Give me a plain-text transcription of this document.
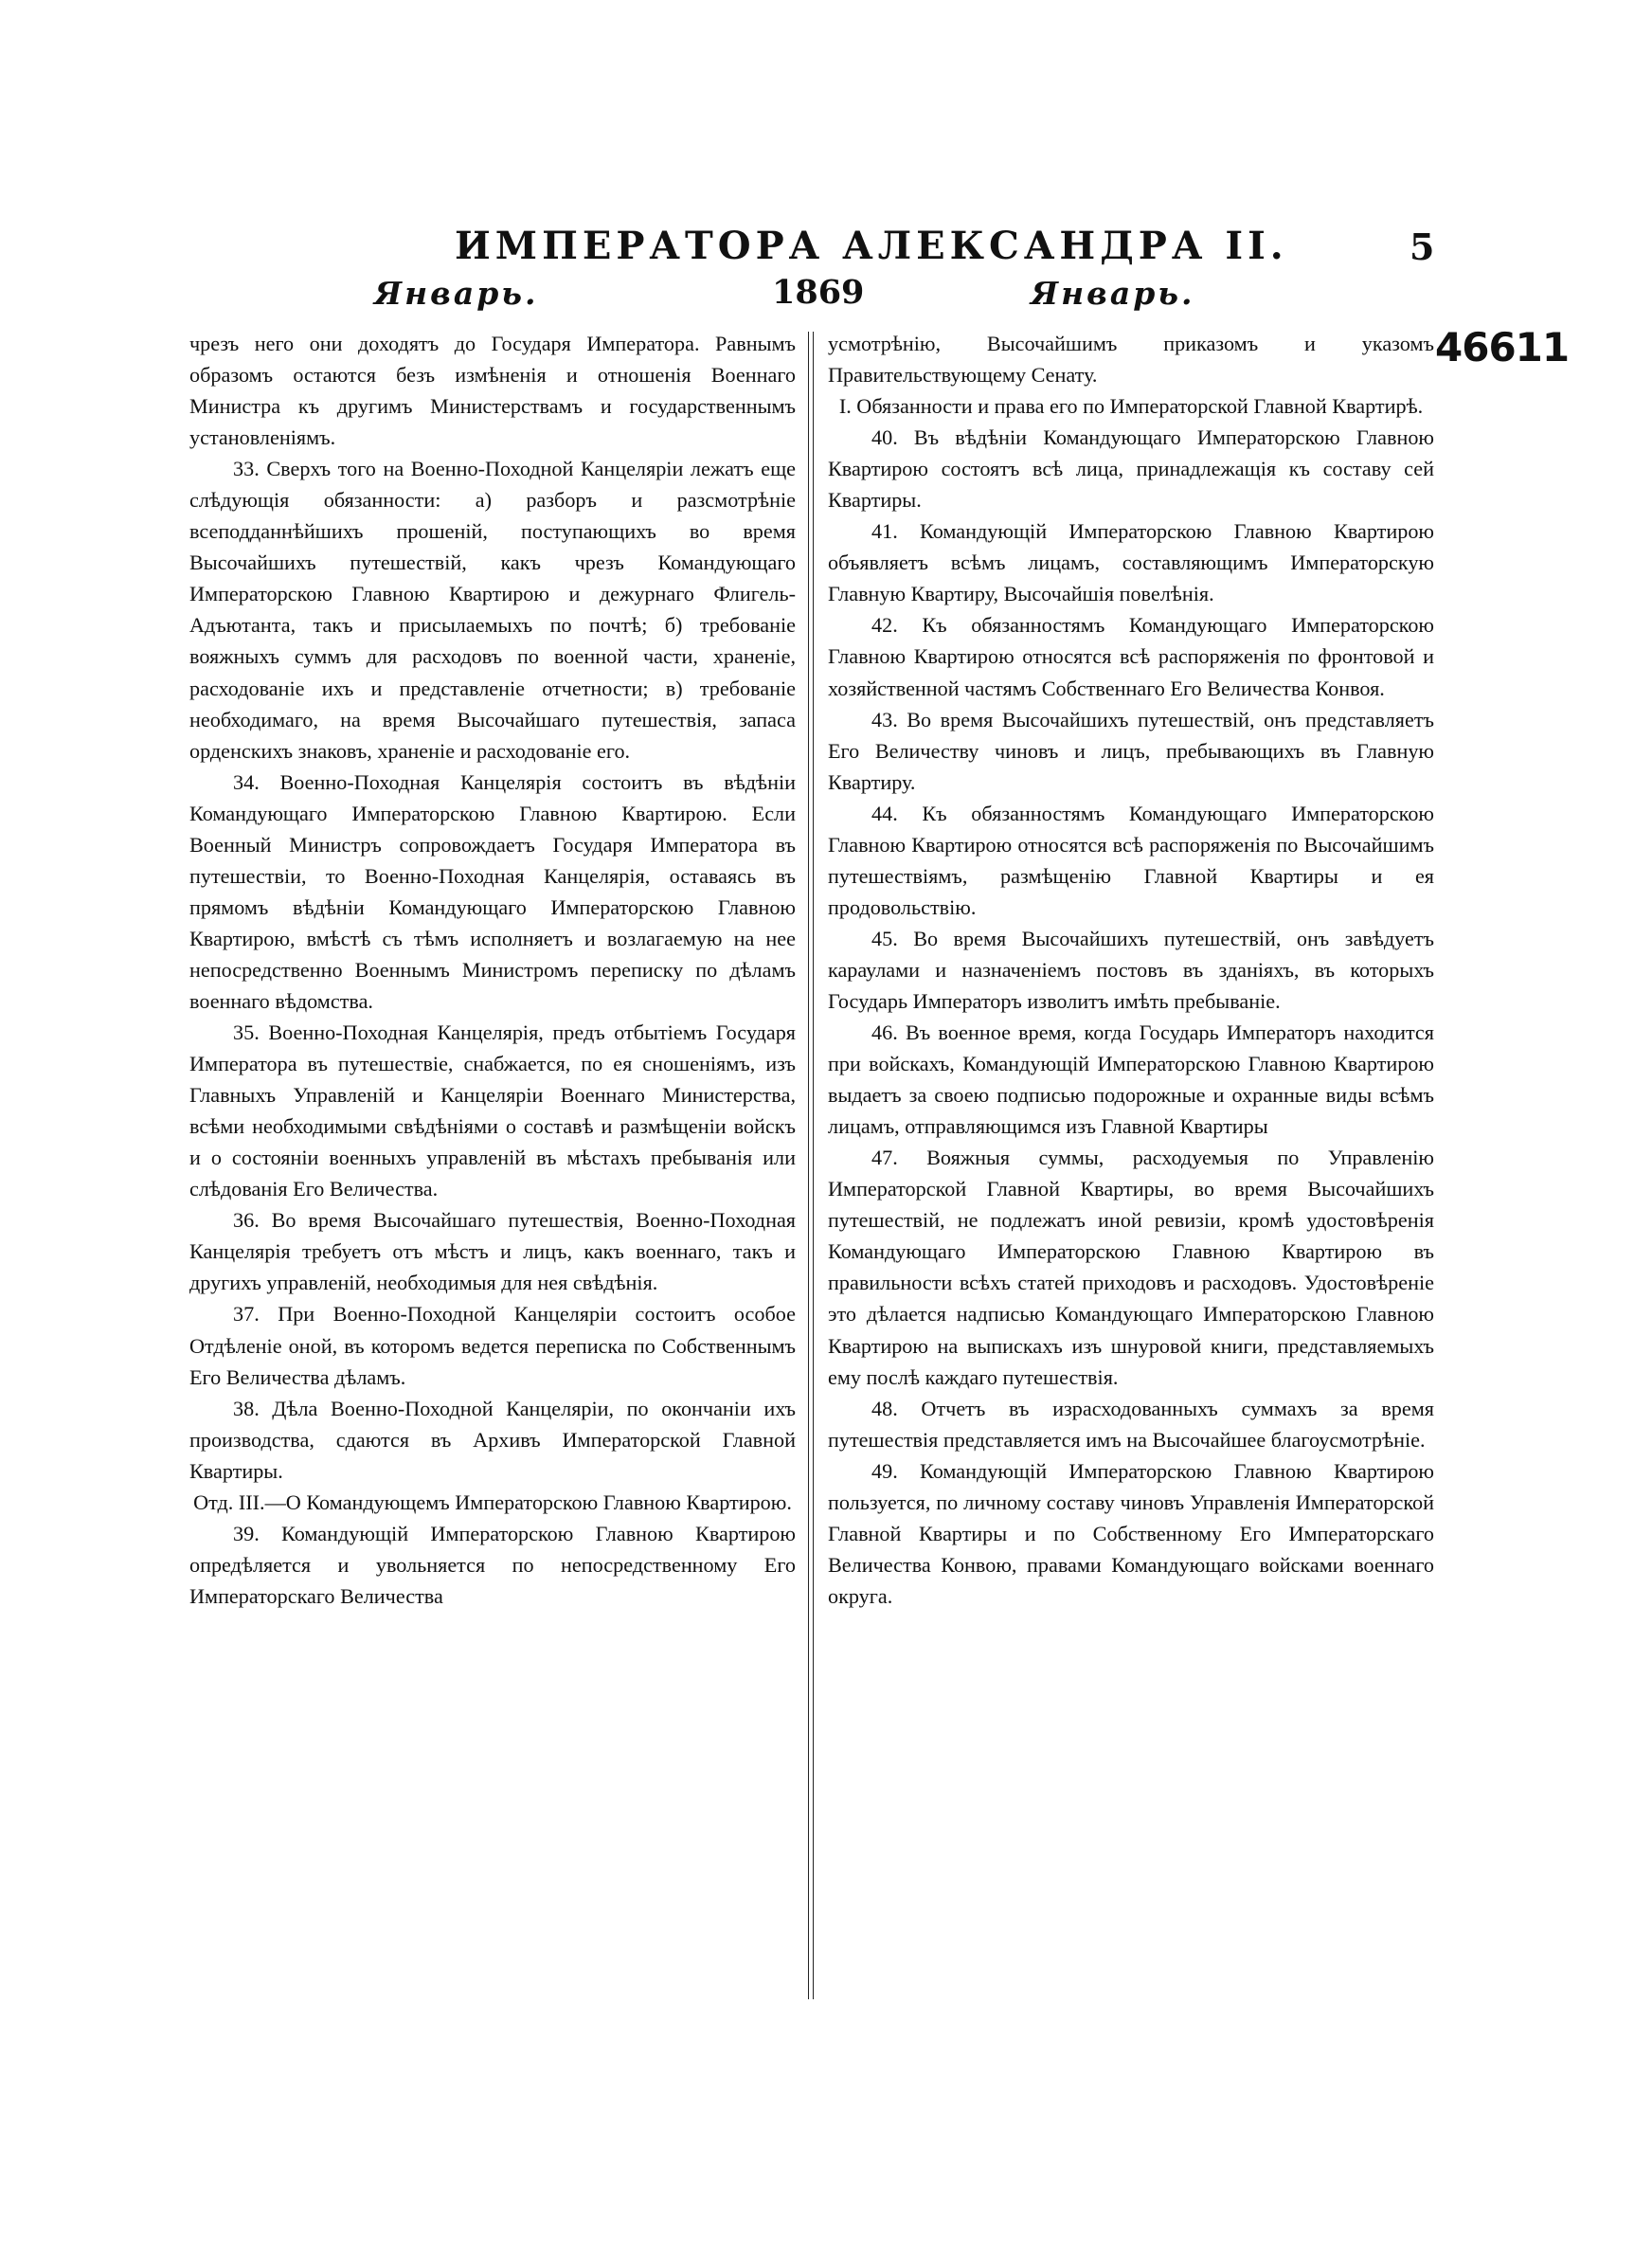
ИМПЕРАТОРА АЛЕКСАНДРА II.	5
Январь.	1869	Январь.
46611

чрезъ него они доходятъ до Государя Императора. Равнымъ образомъ остаются безъ измѣненія и отношенія Военнаго Министра къ другимъ Министерствамъ и государственнымъ установленіямъ.

33. Сверхъ того на Военно-Походной Канцеляріи лежатъ еще слѣдующія обязанности: а) разборъ и разсмотрѣніе всеподданнѣйшихъ прошеній, поступающихъ во время Высочайшихъ путешествій, какъ чрезъ Командующаго Императорскою Главною Квартирою и дежурнаго Флигель-Адъютанта, такъ и присылаемыхъ по почтѣ; б) требованіе вояжныхъ суммъ для расходовъ по военной части, храненіе, расходованіе ихъ и представленіе отчетности; в) требованіе необходимаго, на время Высочайшаго путешествія, запаса орденскихъ знаковъ, храненіе и расходованіе его.

34. Военно-Походная Канцелярія состоитъ въ вѣдѣніи Командующаго Императорскою Главною Квартирою. Если Военный Министръ сопровождаетъ Государя Императора въ путешествіи, то Военно-Походная Канцелярія, оставаясь въ прямомъ вѣдѣніи Командующаго Императорскою Главною Квартирою, вмѣстѣ съ тѣмъ исполняетъ и возлагаемую на нее непосредственно Военнымъ Министромъ переписку по дѣламъ военнаго вѣдомства.

35. Военно-Походная Канцелярія, предъ отбытіемъ Государя Императора въ путешествіе, снабжается, по ея сношеніямъ, изъ Главныхъ Управленій и Канцеляріи Военнаго Министерства, всѣми необходимыми свѣдѣніями о составѣ и размѣщеніи войскъ и о состояніи военныхъ управленій въ мѣстахъ пребыванія или слѣдованія Его Величества.

36. Во время Высочайшаго путешествія, Военно-Походная Канцелярія требуетъ отъ мѣстъ и лицъ, какъ военнаго, такъ и другихъ управленій, необходимыя для нея свѣдѣнія.

37. При Военно-Походной Канцеляріи состоитъ особое Отдѣленіе оной, въ которомъ ведется переписка по Собственнымъ Его Величества дѣламъ.

38. Дѣла Военно-Походной Канцеляріи, по окончаніи ихъ производства, сдаются въ Архивъ Императорской Главной Квартиры.

Отд. III.—О Командующемъ Императорскою Главною Квартирою.

39. Командующій Императорскою Главною Квартирою опредѣляется и увольняется по непосредственному Его Императорскаго Величества

усмотрѣнію, Высочайшимъ приказомъ и указомъ Правительствующему Сенату.

I. Обязанности и права его по Императорской Главной Квартирѣ.

40. Въ вѣдѣніи Командующаго Императорскою Главною Квартирою состоятъ всѣ лица, принадлежащія къ составу сей Квартиры.

41. Командующій Императорскою Главною Квартирою объявляетъ всѣмъ лицамъ, составляющимъ Императорскую Главную Квартиру, Высочайшія повелѣнія.

42. Къ обязанностямъ Командующаго Императорскою Главною Квартирою относятся всѣ распоряженія по фронтовой и хозяйственной частямъ Собственнаго Его Величества Конвоя.

43. Во время Высочайшихъ путешествій, онъ представляетъ Его Величеству чиновъ и лицъ, пребывающихъ въ Главную Квартиру.

44. Къ обязанностямъ Командующаго Императорскою Главною Квартирою относятся всѣ распоряженія по Высочайшимъ путешествіямъ, размѣщенію Главной Квартиры и ея продовольствію.

45. Во время Высочайшихъ путешествій, онъ завѣдуетъ караулами и назначеніемъ постовъ въ зданіяхъ, въ которыхъ Государь Императоръ изволитъ имѣть пребываніе.

46. Въ военное время, когда Государь Императоръ находится при войскахъ, Командующій Императорскою Главною Квартирою выдаетъ за своею подписью подорожные и охранные виды всѣмъ лицамъ, отправляющимся изъ Главной Квартиры

47. Вояжныя суммы, расходуемыя по Управленію Императорской Главной Квартиры, во время Высочайшихъ путешествій, не подлежатъ иной ревизіи, кромѣ удостовѣренія Командующаго Императорскою Главною Квартирою въ правильности всѣхъ статей приходовъ и расходовъ. Удостовѣреніе это дѣлается надписью Командующаго Императорскою Главною Квартирою на выпискахъ изъ шнуровой книги, представляемыхъ ему послѣ каждаго путешествія.

48. Отчетъ въ израсходованныхъ суммахъ за время путешествія представляется имъ на Высочайшее благоусмотрѣніе.

49. Командующій Императорскою Главною Квартирою пользуется, по личному составу чиновъ Управленія Императорской Главной Квартиры и по Собственному Его Императорскаго Величества Конвою, правами Командующаго войсками военнаго округа.
